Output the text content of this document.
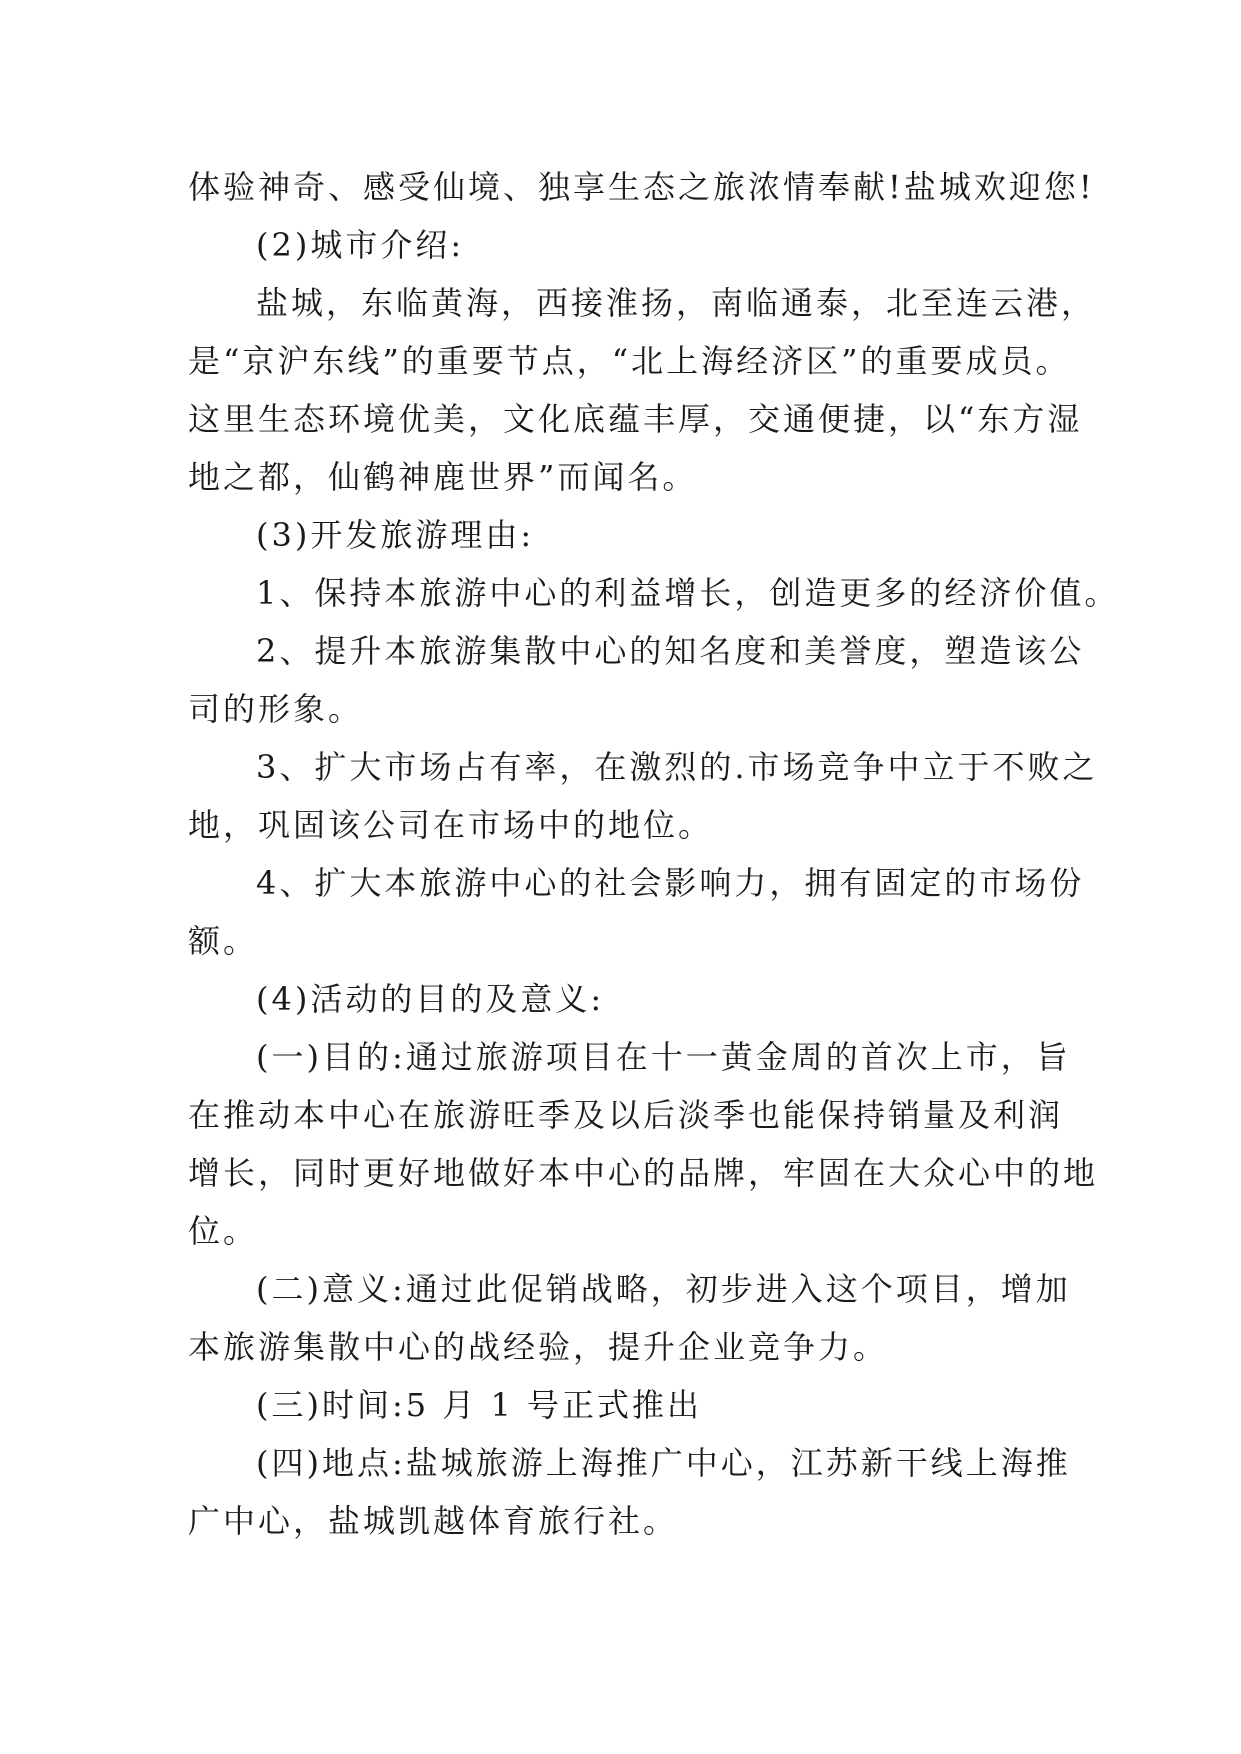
体验神奇、感受仙境、独享生态之旅浓情奉献!盐城欢迎您!
(2)城市介绍:
盐城，东临黄海，西接淮扬，南临通泰，北至连云港，
是“京沪东线”的重要节点，“北上海经济区”的重要成员。
这里生态环境优美，文化底蕴丰厚，交通便捷，以“东方湿
地之都，仙鹤神鹿世界”而闻名。
(3)开发旅游理由:
1、保持本旅游中心的利益增长，创造更多的经济价值。
2、提升本旅游集散中心的知名度和美誉度，塑造该公
司的形象。
3、扩大市场占有率，在激烈的.市场竞争中立于不败之
地，巩固该公司在市场中的地位。
4、扩大本旅游中心的社会影响力，拥有固定的市场份
额。
(4)活动的目的及意义:
(一)目的:通过旅游项目在十一黄金周的首次上市，旨
在推动本中心在旅游旺季及以后淡季也能保持销量及利润
增长，同时更好地做好本中心的品牌，牢固在大众心中的地
位。
(二)意义:通过此促销战略，初步进入这个项目，增加
本旅游集散中心的战经验，提升企业竞争力。
(三)时间:5 月 1 号正式推出
(四)地点:盐城旅游上海推广中心，江苏新干线上海推
广中心，盐城凯越体育旅行社。
